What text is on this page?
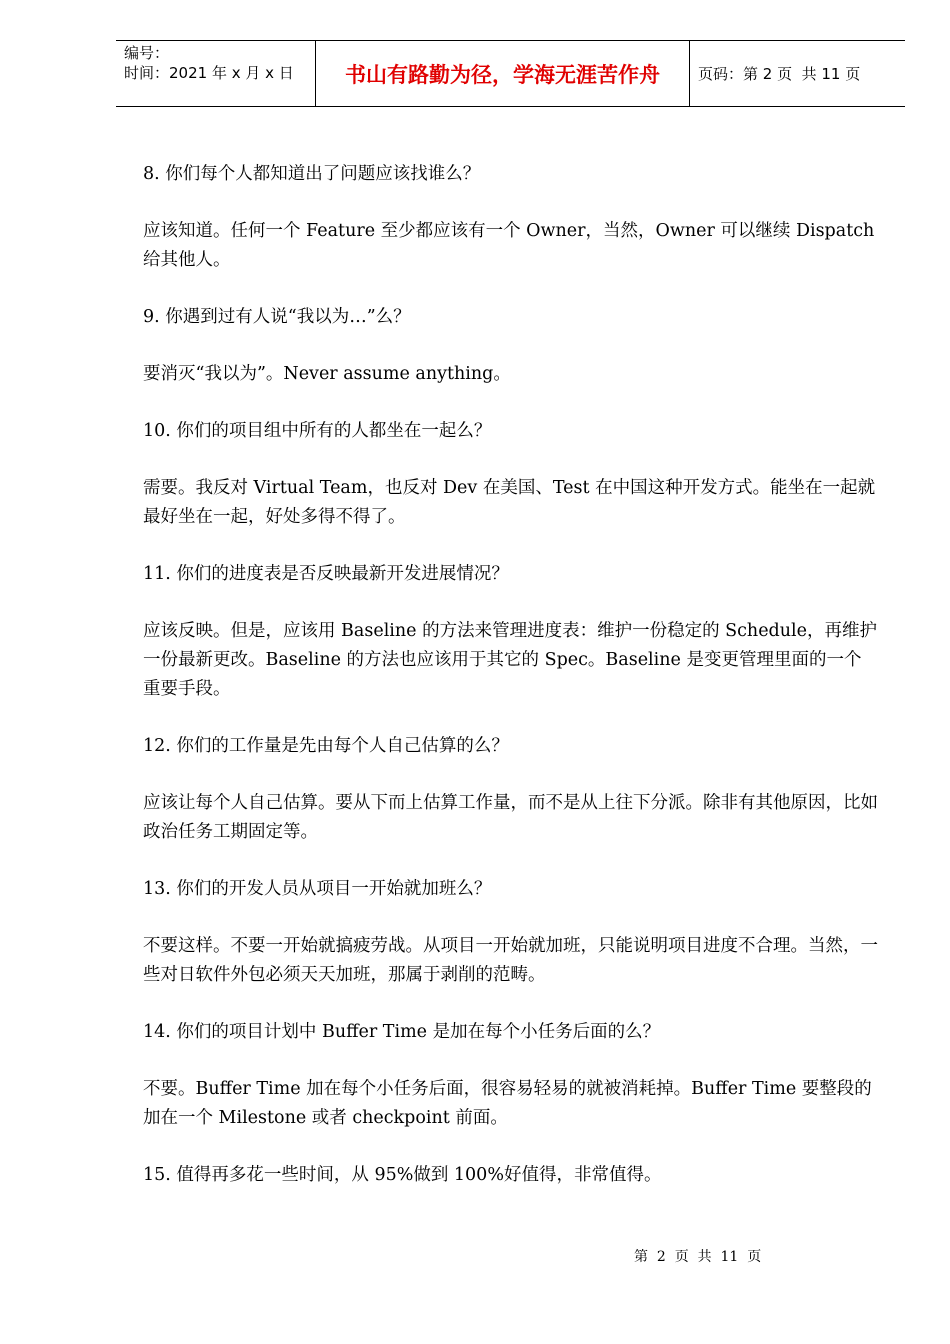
编号：
时间：2021 年 x 月 x 日	书山有路勤为径，学海无涯苦作舟	页码：第 2 页  共 11 页

8. 你们每个人都知道出了问题应该找谁么？

应该知道。任何一个 Feature 至少都应该有一个 Owner，当然，Owner 可以继续 Dispatch 给其他人。

9. 你遇到过有人说“我以为…”么？

要消灭“我以为”。Never assume anything。

10. 你们的项目组中所有的人都坐在一起么？

需要。我反对 Virtual Team，也反对 Dev 在美国、Test 在中国这种开发方式。能坐在一起就最好坐在一起，好处多得不得了。

11. 你们的进度表是否反映最新开发进展情况？

应该反映。但是，应该用 Baseline 的方法来管理进度表：维护一份稳定的 Schedule，再维护一份最新更改。Baseline 的方法也应该用于其它的 Spec。Baseline 是变更管理里面的一个重要手段。

12. 你们的工作量是先由每个人自己估算的么？

应该让每个人自己估算。要从下而上估算工作量，而不是从上往下分派。除非有其他原因，比如政治任务工期固定等。

13. 你们的开发人员从项目一开始就加班么？

不要这样。不要一开始就搞疲劳战。从项目一开始就加班，只能说明项目进度不合理。当然，一些对日软件外包必须天天加班，那属于剥削的范畴。

14. 你们的项目计划中 Buffer Time 是加在每个小任务后面的么？

不要。Buffer Time 加在每个小任务后面，很容易轻易的就被消耗掉。Buffer Time 要整段的加在一个 Milestone 或者 checkpoint 前面。

15. 值得再多花一些时间，从 95%做到 100%好值得，非常值得。

第  2  页  共  11  页
